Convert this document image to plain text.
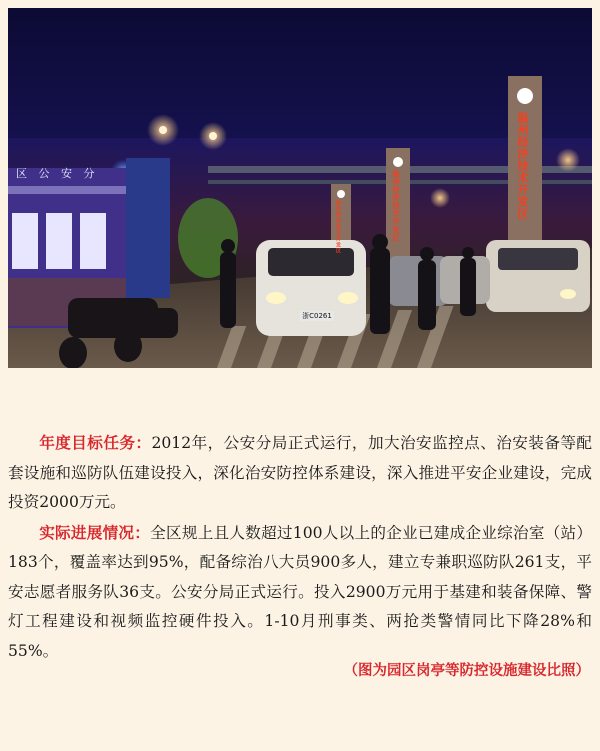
温州经济技术开发区
温州经济技术开发区
温州经济技术开发区
区 公 安 分
浙C0261

年度目标任务：2012年，公安分局正式运行，加大治安监控点、治安装备等配套设施和巡防队伍建设投入，深化治安防控体系建设，深入推进平安企业建设，完成投资2000万元。

实际进展情况：全区规上且人数超过100人以上的企业已建成企业综治室（站）183个，覆盖率达到95%，配备综治八大员900多人，建立专兼职巡防队261支，平安志愿者服务队36支。公安分局正式运行。投入2900万元用于基建和装备保障、警灯工程建设和视频监控硬件投入。1-10月刑事类、两抢类警情同比下降28%和55%。

（图为园区岗亭等防控设施建设比照）
